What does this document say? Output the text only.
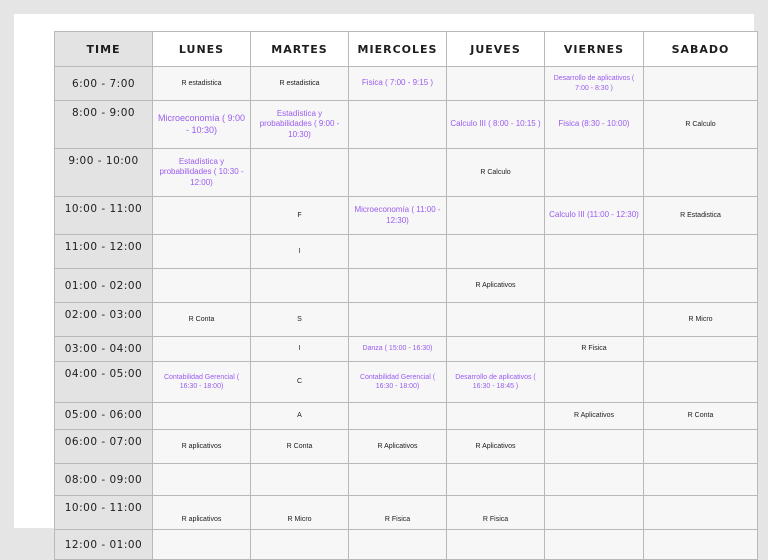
TIME	LUNES	MARTES	MIERCOLES	JUEVES	VIERNES	SABADO
6:00 - 7:00	R estadistica	R estadistica	Fisica ( 7:00 - 9:15 )		Desarrollo de aplicativos ( 7:00 - 8:30 )	
8:00 - 9:00	Microeconomía ( 9:00 - 10:30)	Estadística y probabilidades ( 9:00 - 10:30)		Calculo III ( 8:00 - 10:15 )	Fisica (8:30 - 10:00)	R Calculo
9:00 - 10:00	Estadística y probabilidades ( 10:30 - 12:00)			R Calculo		
10:00 - 11:00		F	Microeconomía ( 11:00 - 12:30)		Calculo III (11:00 - 12:30)	R Estadistica
11:00 - 12:00		I				
01:00 - 02:00				R Aplicativos		
02:00 - 03:00	R Conta	S				R Micro
03:00 - 04:00		I	Danza ( 15:00 - 16:30)		R Fisica	
04:00 - 05:00	Contabilidad Gerencial ( 16:30 - 18:00)	C	Contabilidad Gerencial ( 16:30 - 18:00)	Desarrollo de aplicativos ( 16:30 - 18:45 )		
05:00 - 06:00		A			R Aplicativos	R Conta
06:00 - 07:00	R aplicativos	R Conta	R Aplicativos	R Aplicativos		
08:00 - 09:00						
10:00 - 11:00	R aplicativos	R Micro	R Fisica	R Fisica		
12:00 - 01:00						
